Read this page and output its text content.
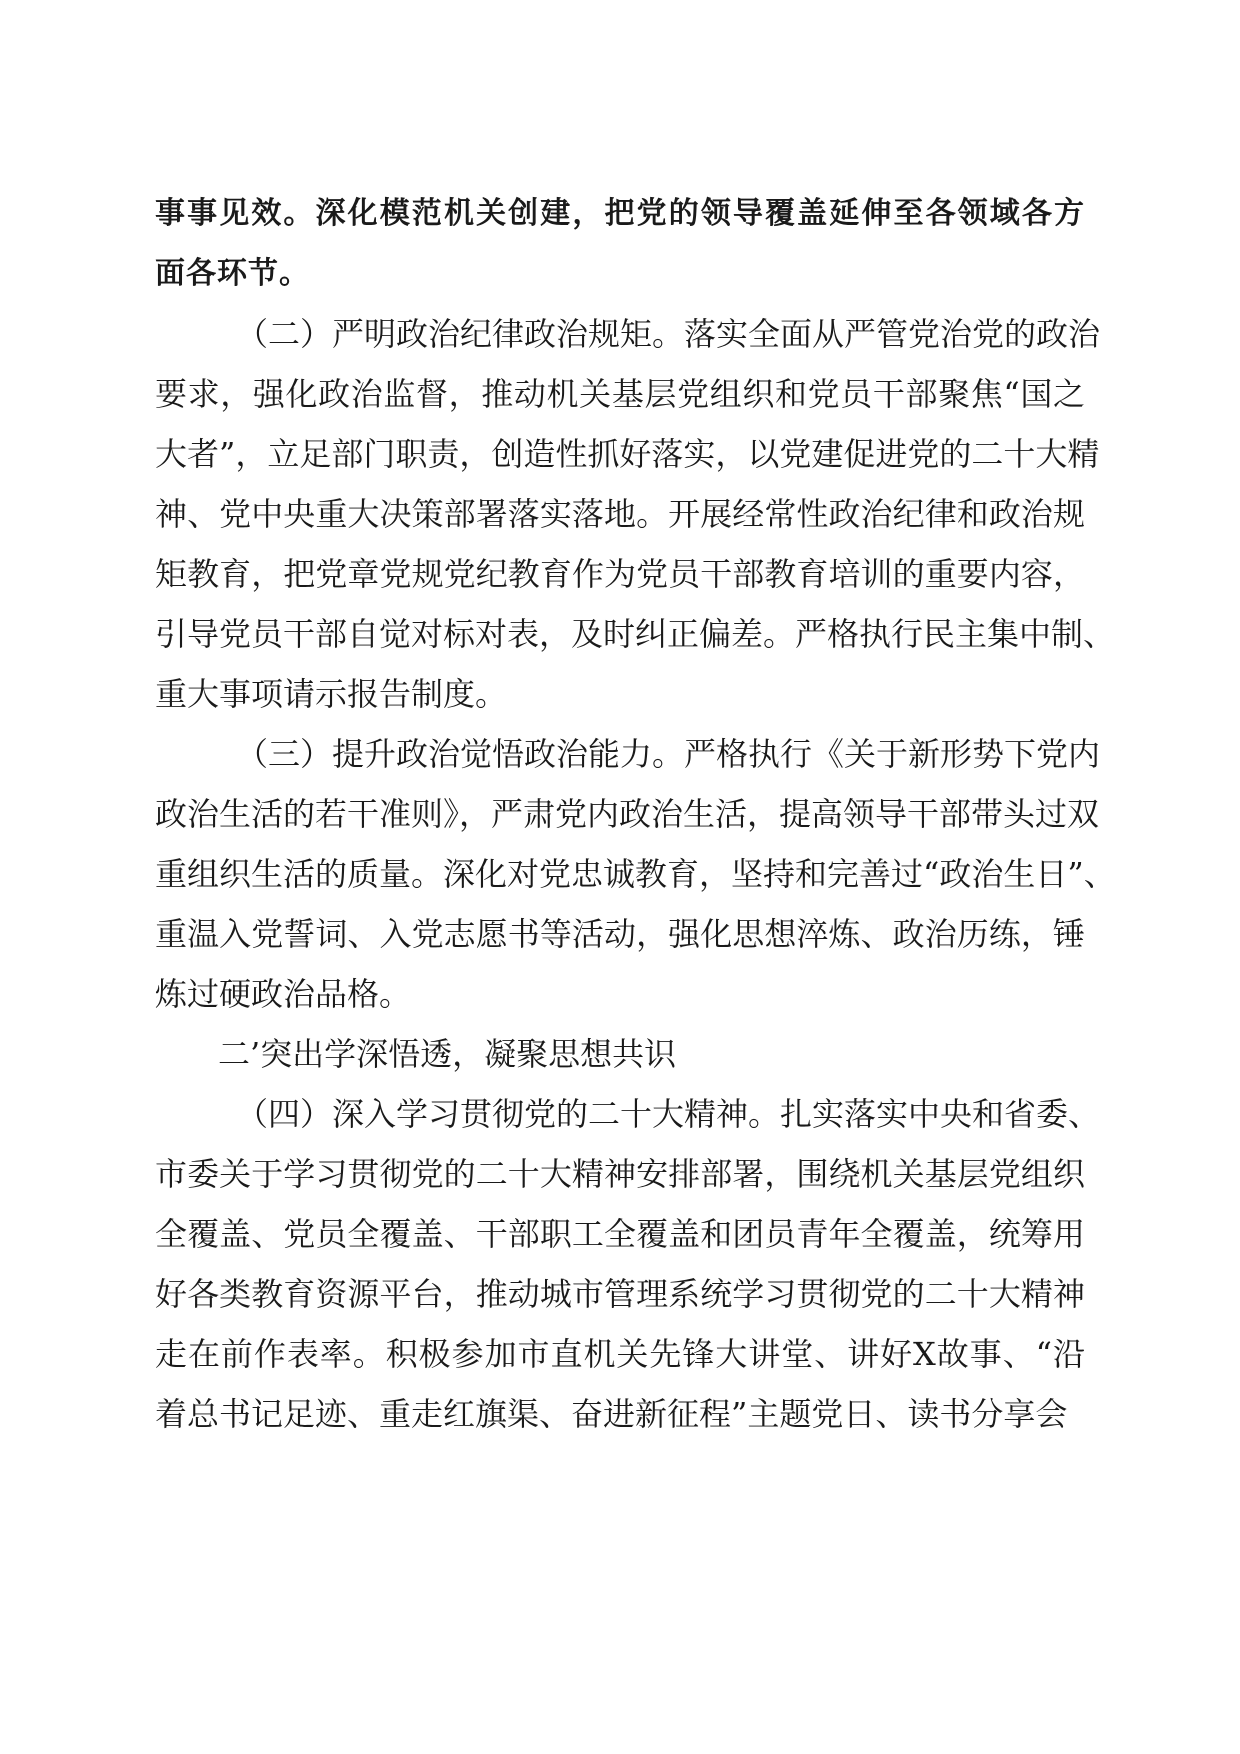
事事见效。深化模范机关创建，把党的领导覆盖延伸至各领域各方
面各环节。
（二）严明政治纪律政治规矩。落实全面从严管党治党的政治
要求，强化政治监督，推动机关基层党组织和党员干部聚焦“国之
大者”，立足部门职责，创造性抓好落实，以党建促进党的二十大精
神、党中央重大决策部署落实落地。开展经常性政治纪律和政治规
矩教育，把党章党规党纪教育作为党员干部教育培训的重要内容，
引导党员干部自觉对标对表，及时纠正偏差。严格执行民主集中制、
重大事项请示报告制度。
（三）提升政治觉悟政治能力。严格执行《关于新形势下党内
政治生活的若干准则》，严肃党内政治生活，提高领导干部带头过双
重组织生活的质量。深化对党忠诚教育，坚持和完善过“政治生日”、
重温入党誓词、入党志愿书等活动，强化思想淬炼、政治历练，锤
炼过硬政治品格。
二’突出学深悟透，凝聚思想共识
（四）深入学习贯彻党的二十大精神。扎实落实中央和省委、
市委关于学习贯彻党的二十大精神安排部署，围绕机关基层党组织
全覆盖、党员全覆盖、干部职工全覆盖和团员青年全覆盖，统筹用
好各类教育资源平台，推动城市管理系统学习贯彻党的二十大精神
走在前作表率。积极参加市直机关先锋大讲堂、讲好X故事、“沿
着总书记足迹、重走红旗渠、奋进新征程”主题党日、读书分享会
